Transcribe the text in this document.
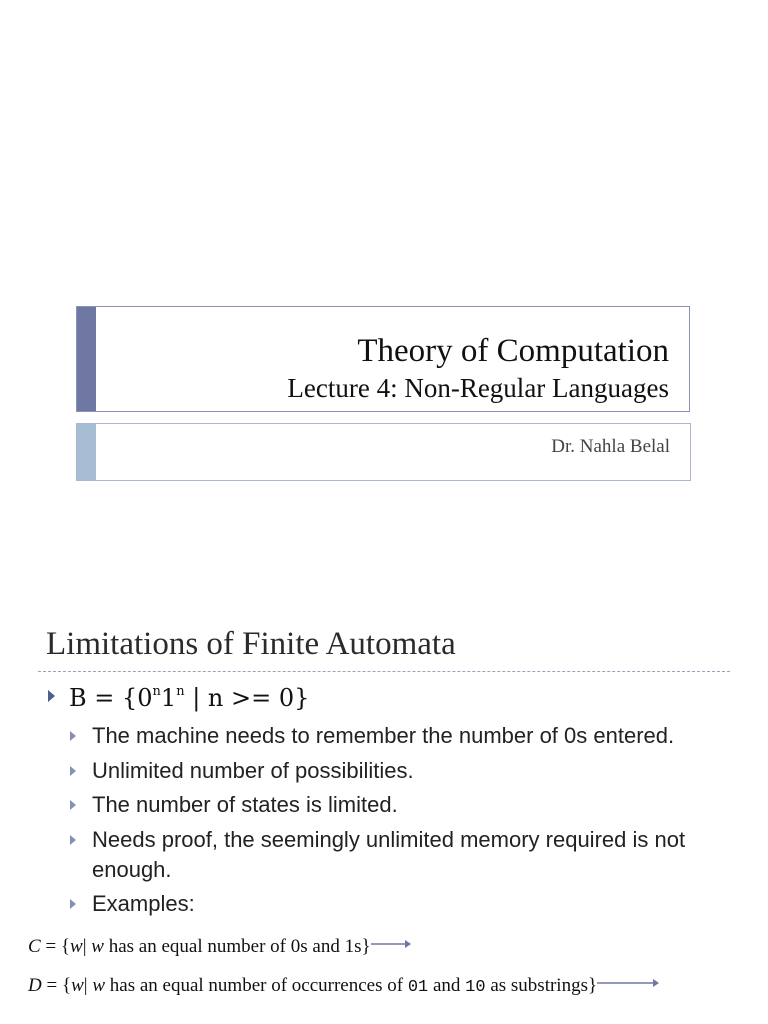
Theory of Computation
Lecture 4: Non-Regular Languages
Dr. Nahla Belal
Limitations of Finite Automata
$B = \{0^n1^n$ | n >= 0}
The machine needs to remember the number of 0s entered.
Unlimited number of possibilities.
The number of states is limited.
Needs proof, the seemingly unlimited memory required is not enough.
Examples:
C = {w| w has an equal number of 0s and 1s}
D = {w| w has an equal number of occurrences of 01 and 10 as substrings}
